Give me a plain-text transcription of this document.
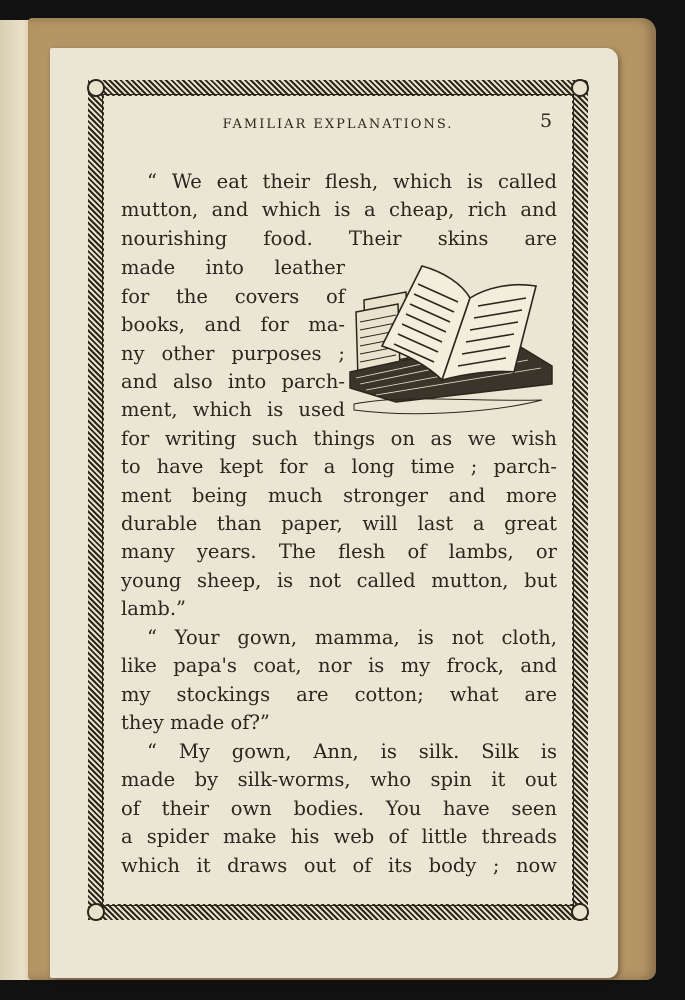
FAMILIAR EXPLANATIONS.	5
“ We eat their flesh, which is called
mutton, and which is a cheap, rich and
nourishing food. Their skins are
made into leather
for the covers of
books, and for ma-
ny other purposes ;
and also into parch-
ment, which is used
for writing such things on as we wish
to have kept for a long time ; parch-
ment being much stronger and more
durable than paper, will last a great
many years. The flesh of lambs, or
young sheep, is not called mutton, but
lamb.”
“ Your gown, mamma, is not cloth,
like papa's coat, nor is my frock, and
my stockings are cotton; what are
they made of?”
“ My gown, Ann, is silk. Silk is
made by silk-worms, who spin it out
of their own bodies. You have seen
a spider make his web of little threads
which it draws out of its body ; now
